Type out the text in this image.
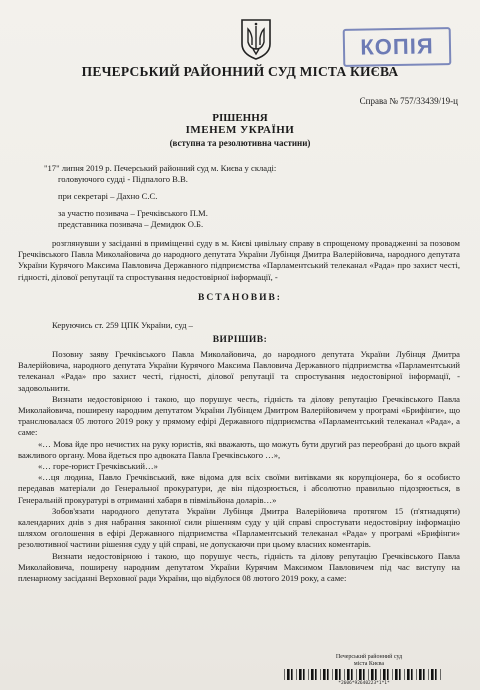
КОПІЯ
ПЕЧЕРСЬКИЙ РАЙОННИЙ СУД МІСТА КИЄВА
Справа № 757/33439/19-ц
РІШЕННЯ
ІМЕНЕМ УКРАЇНИ
(вступна та резолютивна частини)
"17" липня 2019 р. Печерський районний суд м. Києва у складі:
головуючого судді - Підпалого В.В.
при секретарі – Дахно С.С.
за участю позивача – Гречківського П.М.
представника позивача – Демидюк О.Б.

розглянувши у засіданні в приміщенні суду в м. Києві цивільну справу в спрощеному провадженні за позовом Гречківського Павла Миколайовича до народного депутата України Лубінця Дмитра Валерійовича, народного депутата України Курячого Максима Павловича Державного підприємства «Парламентський телеканал «Рада» про захист честі, гідності, ділової репутації та спростування недостовірної інформації, -

ВСТАНОВИВ:
Керуючись ст. 259 ЦПК України, суд –
ВИРІШИВ:

Позовну заяву Гречківського Павла Миколайовича, до народного депутата України Лубінця Дмитра Валерійовича, народного депутата України Курячого Максима Павловича Державного підприємства «Парламентський телеканал «Рада» про захист честі, гідності, ділової репутації та спростування недостовірної інформації, - задовольнити.

Визнати недостовірною і такою, що порушує честь, гідність та ділову репутацію Гречківського Павла Миколайовича, поширену народним депутатом України Лубінцем Дмитром Валерійовичем у програмі «Брифінги», що транслювалася 05 лютого 2019 року у прямому ефірі Державного підприємства «Парламентський телеканал «Рада», а саме:

«… Мова йде про нечистих на руку юристів, які вважають, що можуть бути другий раз переобрані до цього вкрай важливого органу. Мова йдеться про адвоката Павла Гречківського …»,

«… горе-юрист Гречківський…»

«…ця людина, Павло Гречківський, вже відома для всіх своїми витівками як корупціонера, бо я особисто передавав матеріали до Генеральної прокуратури, де він підозрюється, і абсолютно правильно підозрюється, в Генеральній прокуратурі в отриманні хабаря в півмільйона доларів…»

Зобов'язати народного депутата України Лубінця Дмитра Валерійовича протягом 15 (п'ятнадцяти) календарних днів з дня набрання законної сили рішенням суду у цій справі спростувати недостовірну інформацію шляхом оголошення в ефірі Державного підприємства «Парламентський телеканал «Рада» у програмі «Брифінги» резолютивної частини рішення суду у цій справі, не допускаючи при цьому власних коментарів.

Визнати недостовірною і такою, що порушує честь, гідність та ділову репутацію Гречківського Павла Миколайовича, поширену народним депутатом України Курячим Максимом Павловичем під час виступу на пленарному засіданні Верховної ради України, що відбулося 08 лютого 2019 року, а саме:

Печерський районний суд
міста Києва
*2606*92640223*1*1*
